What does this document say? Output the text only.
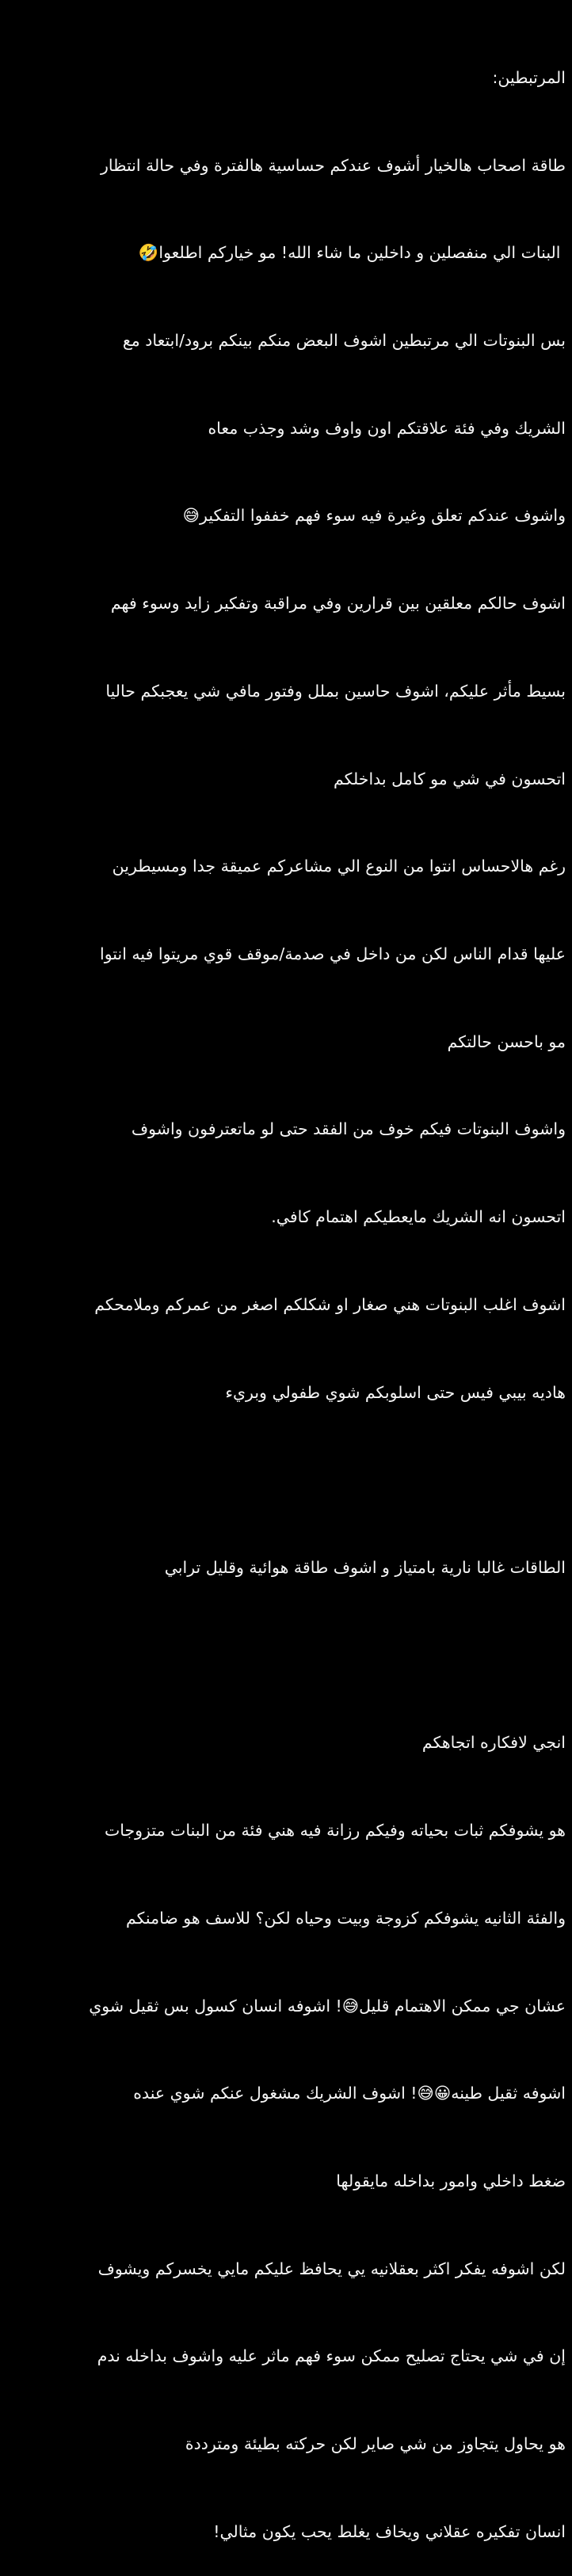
المرتبطين:

طاقة اصحاب هالخيار أشوف عندكم حساسية هالفترة وفي حالة انتظار

البنات الي منفصلين و داخلين ما شاء الله! مو خياركم اطلعوا🤣

بس البنوتات الي مرتبطين اشوف البعض منكم بينكم برود/ابتعاد مع

الشريك وفي فئة علاقتكم اون واوف وشد وجذب معاه

واشوف عندكم تعلق وغيرة فيه سوء فهم خففوا التفكير😅

اشوف حالكم معلقين بين قرارين وفي مراقبة وتفكير زايد وسوء فهم

بسيط مأثر عليكم، اشوف حاسين بملل وفتور مافي شي يعجبكم حاليا

اتحسون في شي مو كامل بداخلكم

رغم هالاحساس انتوا من النوع الي مشاعركم عميقة جدا ومسيطرين

عليها قدام الناس لكن من داخل في صدمة/موقف قوي مريتوا فيه انتوا

مو باحسن حالتكم

واشوف البنوتات فيكم خوف من الفقد حتى لو ماتعترفون واشوف

اتحسون انه الشريك مايعطيكم اهتمام كافي.

اشوف اغلب البنوتات هني صغار او شكلكم اصغر من عمركم وملامحكم

هاديه بيبي فيس حتى اسلوبكم شوي طفولي وبريء

الطاقات غالبا نارية بامتياز و اشوف طاقة هوائية وقليل ترابي

انجي لافكاره اتجاهكم

هو يشوفكم ثبات بحياته وفيكم رزانة فيه هني فئة من البنات متزوجات

والفئة الثانيه يشوفكم كزوجة وبيت وحياه لكن؟ للاسف هو ضامنكم

عشان جي ممكن الاهتمام قليل😅! اشوفه انسان كسول بس ثقيل شوي

اشوفه ثقيل طينه😀😅! اشوف الشريك مشغول عنكم شوي عنده

ضغط داخلي وامور بداخله مايقولها

لكن اشوفه يفكر اكثر بعقلانيه يي يحافظ عليكم مايي يخسركم ويشوف

إن في شي يحتاج تصليح ممكن سوء فهم ماثر عليه واشوف بداخله ندم

هو يحاول يتجاوز من شي صاير لكن حركته بطيئة ومترددة

انسان تفكيره عقلاني ويخاف يغلط يحب يكون مثالي!
